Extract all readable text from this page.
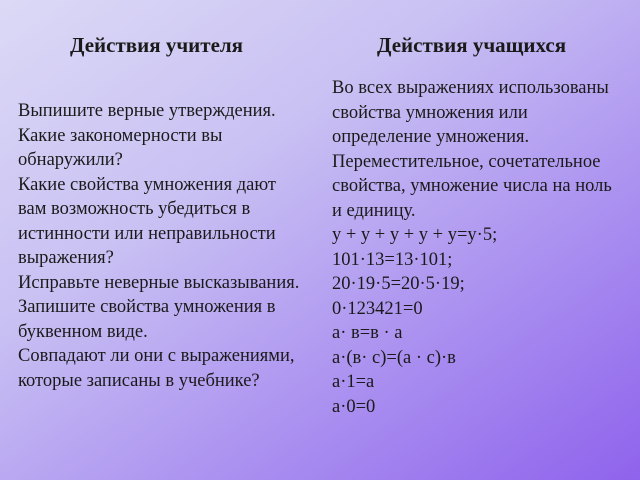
Действия учителя	Действия учащихся

Выпишите верные утверждения.

Какие закономерности вы

обнаружили?

Какие свойства умножения дают

вам возможность убедиться в

истинности или неправильности

выражения?

Исправьте неверные высказывания.

Запишите свойства умножения в

буквенном виде.

Совпадают ли они с выражениями,

которые записаны в учебнике?

Во всех выражениях использованы

свойства умножения или

определение умножения.

Переместительное, сочетательное

свойства, умножение числа на ноль

и единицу.

у + у + у + у + у=у·5;

101·13=13·101;

20·19·5=20·5·19;

0·123421=0

а· в=в · а

а·(в· с)=(а · с)·в

а·1=а

а·0=0
